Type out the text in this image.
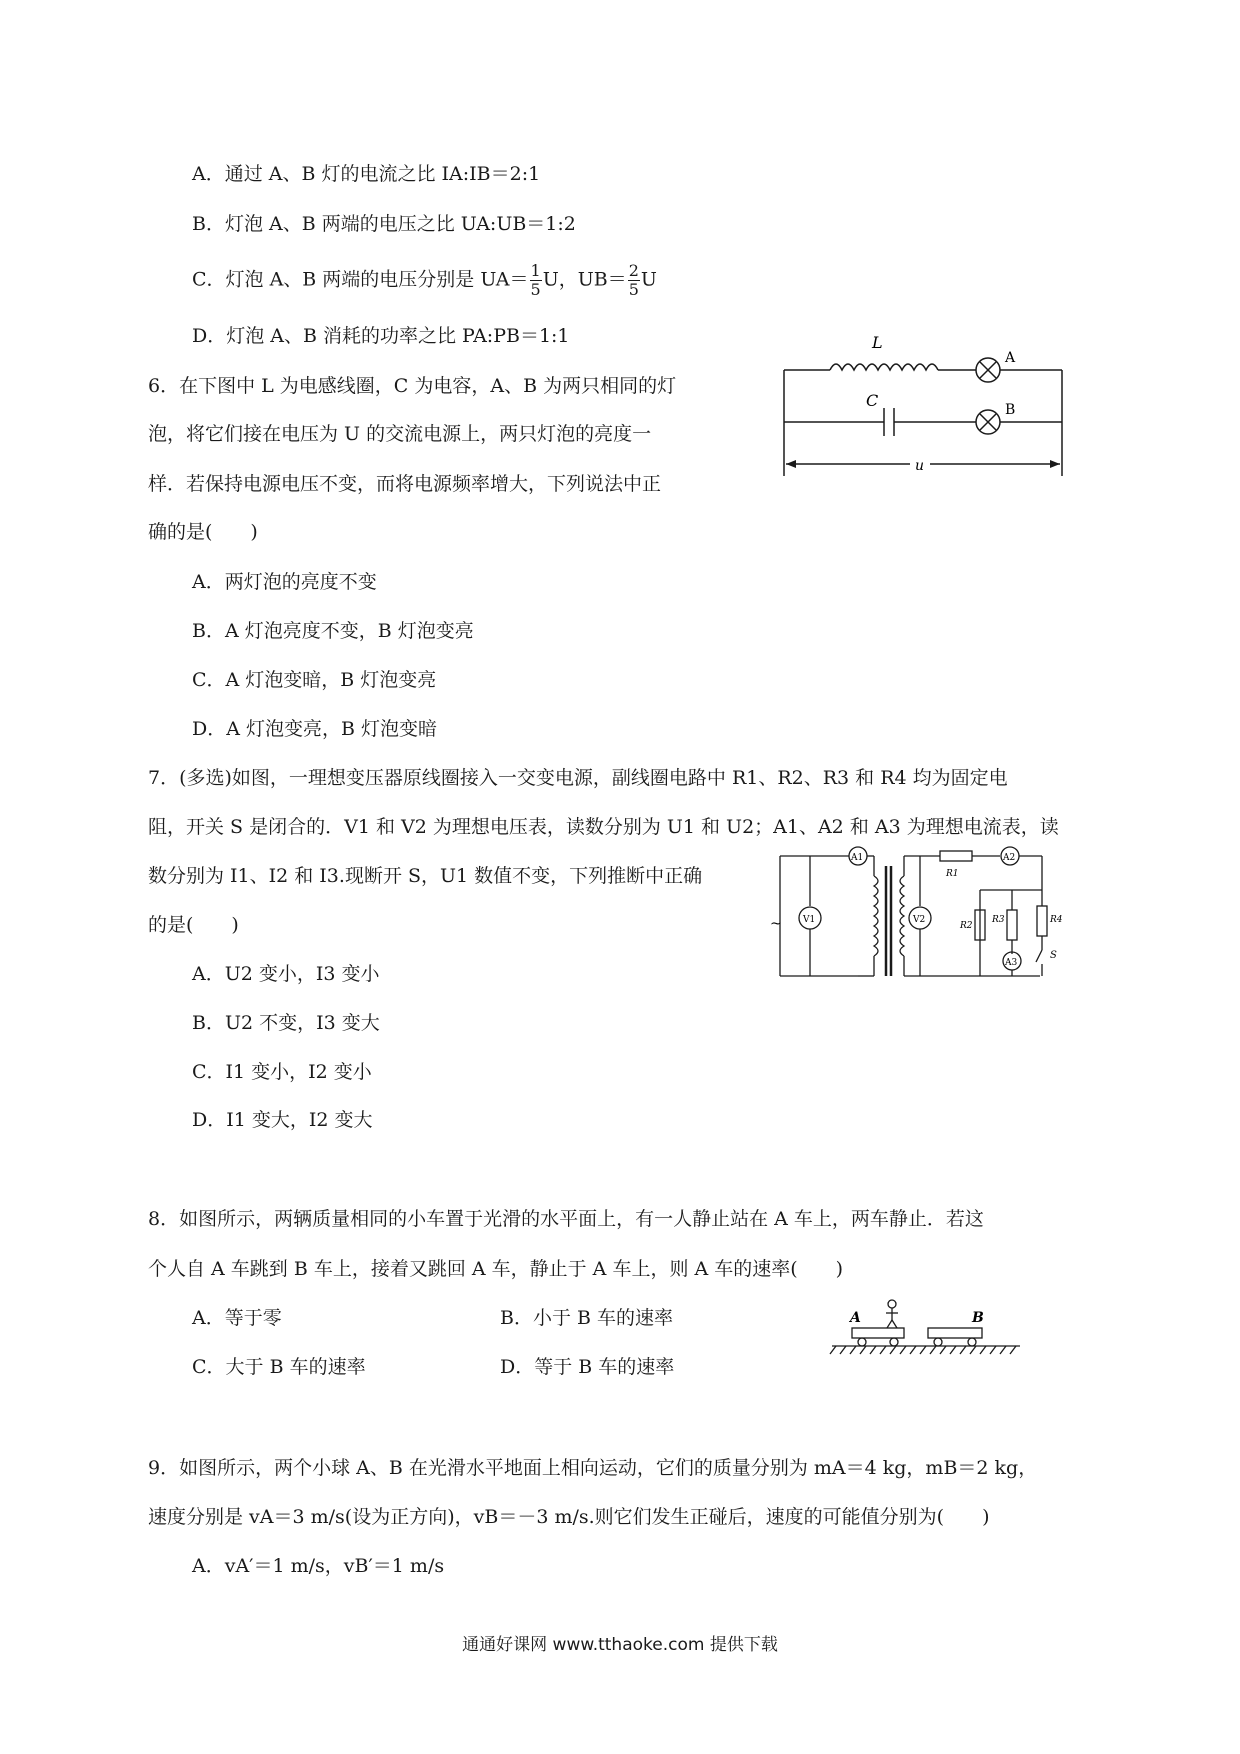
A．通过 A、B 灯的电流之比 IA:IB＝2:1
B．灯泡 A、B 两端的电压之比 UA:UB＝1:2
C．灯泡 A、B 两端的电压分别是 $UA= \frac{1}{5}$ U，$UB= \frac{2}{5}$ U
D．灯泡 A、B 消耗的功率之比 PA:PB＝1:1
6．在下图中 L 为电感线圈，C 为电容，A、B 为两只相同的灯
泡，将它们接在电压为 U 的交流电源上，两只灯泡的亮度一
样．若保持电源电压不变，而将电源频率增大，下列说法中正
确的是(　　)
A．两灯泡的亮度不变
B．A 灯泡亮度不变，B 灯泡变亮
C．A 灯泡变暗，B 灯泡变亮
D．A 灯泡变亮，B 灯泡变暗
L
A
C	B
u
7．(多选)如图，一理想变压器原线圈接入一交变电源，副线圈电路中 R1、R2、R3 和 R4 均为固定电
阻，开关 S 是闭合的．V1 和 V2 为理想电压表，读数分别为 U1 和 U2；A1、A2 和 A3 为理想电流表，读
数分别为 I1、I2 和 I3.现断开 S，U1 数值不变，下列推断中正确
的是(　　)
A．U2 变小，I3 变小
B．U2 不变，I3 变大
C．I1 变小，I2 变小
D．I1 变大，I2 变大
~ V1
A1
V2
R1
A2
R2
R3	R4
A3
S
8．如图所示，两辆质量相同的小车置于光滑的水平面上，有一人静止站在 A 车上，两车静止．若这
个人自 A 车跳到 B 车上，接着又跳回 A 车，静止于 A 车上，则 A 车的速率(　　)
A．等于零	B．小于 B 车的速率
C．大于 B 车的速率	D．等于 B 车的速率
A	B
9．如图所示，两个小球 A、B 在光滑水平地面上相向运动，它们的质量分别为 mA＝4 kg，mB＝2 kg，
速度分别是 vA＝3 m/s(设为正方向)，vB＝－3 m/s.则它们发生正碰后，速度的可能值分别为(　　)
A．vA′＝1 m/s，vB′＝1 m/s
通通好课网 www.tthaoke.com 提供下载
